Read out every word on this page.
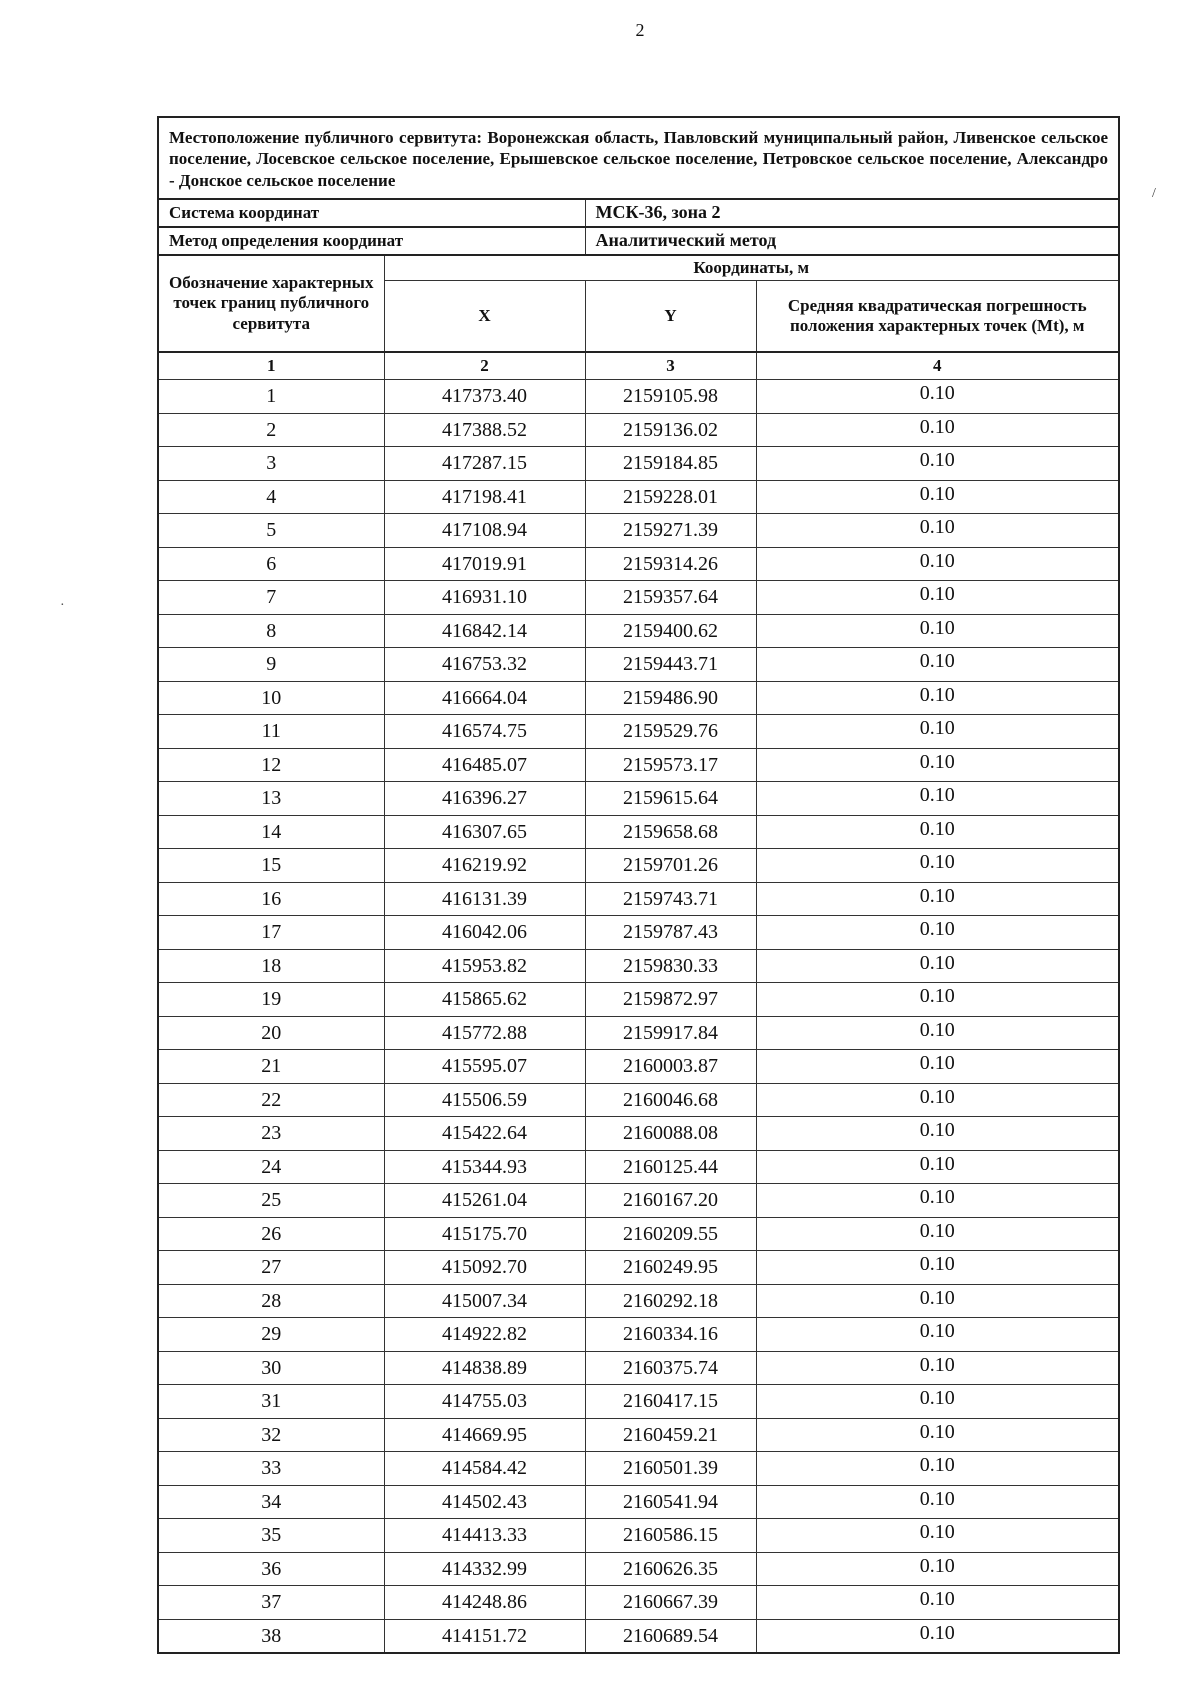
2
Местоположение публичного сервитута: Воронежская область, Павловский муниципальный район, Ливенское сельское поселение, Лосевское сельское поселение, Ерышевское сельское поселение, Петровское сельское поселение, Александро - Донское сельское поселение			
Система координат		МСК-36, зона 2	
Метод определения координат		Аналитический метод	
Обозначение характерных точек границ публичного сервитута	Координаты, м		
	X	Y	Средняя квадратическая погрешность положения характерных точек (Mt), м
1	2	3	4
1	417373.40	2159105.98	0.10
2	417388.52	2159136.02	0.10
3	417287.15	2159184.85	0.10
4	417198.41	2159228.01	0.10
5	417108.94	2159271.39	0.10
6	417019.91	2159314.26	0.10
7	416931.10	2159357.64	0.10
8	416842.14	2159400.62	0.10
9	416753.32	2159443.71	0.10
10	416664.04	2159486.90	0.10
11	416574.75	2159529.76	0.10
12	416485.07	2159573.17	0.10
13	416396.27	2159615.64	0.10
14	416307.65	2159658.68	0.10
15	416219.92	2159701.26	0.10
16	416131.39	2159743.71	0.10
17	416042.06	2159787.43	0.10
18	415953.82	2159830.33	0.10
19	415865.62	2159872.97	0.10
20	415772.88	2159917.84	0.10
21	415595.07	2160003.87	0.10
22	415506.59	2160046.68	0.10
23	415422.64	2160088.08	0.10
24	415344.93	2160125.44	0.10
25	415261.04	2160167.20	0.10
26	415175.70	2160209.55	0.10
27	415092.70	2160249.95	0.10
28	415007.34	2160292.18	0.10
29	414922.82	2160334.16	0.10
30	414838.89	2160375.74	0.10
31	414755.03	2160417.15	0.10
32	414669.95	2160459.21	0.10
33	414584.42	2160501.39	0.10
34	414502.43	2160541.94	0.10
35	414413.33	2160586.15	0.10
36	414332.99	2160626.35	0.10
37	414248.86	2160667.39	0.10
38	414151.72	2160689.54	0.10
/
·
